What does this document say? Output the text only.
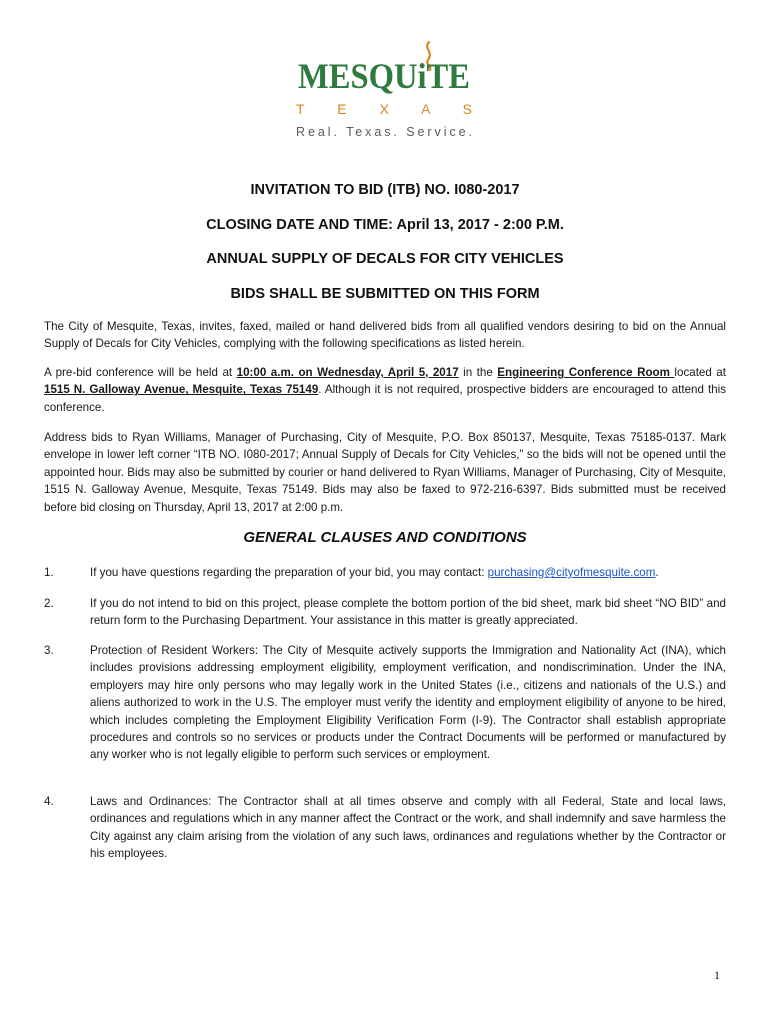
MESQUiTE
T E X A S
Real. Texas. Service.
INVITATION TO BID (ITB) NO. I080-2017
CLOSING DATE AND TIME: April 13, 2017 - 2:00 P.M.
ANNUAL SUPPLY OF DECALS FOR CITY VEHICLES
BIDS SHALL BE SUBMITTED ON THIS FORM
The City of Mesquite, Texas, invites, faxed, mailed or hand delivered bids from all qualified vendors desiring to bid on the Annual Supply of Decals for City Vehicles, complying with the following specifications as listed herein.
A pre-bid conference will be held at 10:00 a.m. on Wednesday, April 5, 2017 in the Engineering Conference Room located at 1515 N. Galloway Avenue, Mesquite, Texas 75149. Although it is not required, prospective bidders are encouraged to attend this conference.
Address bids to Ryan Williams, Manager of Purchasing, City of Mesquite, P.O. Box 850137, Mesquite, Texas 75185-0137. Mark envelope in lower left corner “ITB NO. I080-2017; Annual Supply of Decals for City Vehicles,” so the bids will not be opened until the appointed hour. Bids may also be submitted by courier or hand delivered to Ryan Williams, Manager of Purchasing, City of Mesquite, 1515 N. Galloway Avenue, Mesquite, Texas 75149. Bids may also be faxed to 972-216-6397. Bids submitted must be received before bid closing on Thursday, April 13, 2017 at 2:00 p.m.
GENERAL CLAUSES AND CONDITIONS
1.	If you have questions regarding the preparation of your bid, you may contact: purchasing@cityofmesquite.com.
2.	If you do not intend to bid on this project, please complete the bottom portion of the bid sheet, mark bid sheet “NO BID” and return form to the Purchasing Department. Your assistance in this matter is greatly appreciated.
3.	Protection of Resident Workers: The City of Mesquite actively supports the Immigration and Nationality Act (INA), which includes provisions addressing employment eligibility, employment verification, and nondiscrimination. Under the INA, employers may hire only persons who may legally work in the United States (i.e., citizens and nationals of the U.S.) and aliens authorized to work in the U.S. The employer must verify the identity and employment eligibility of anyone to be hired, which includes completing the Employment Eligibility Verification Form (I-9). The Contractor shall establish appropriate procedures and controls so no services or products under the Contract Documents will be performed or manufactured by any worker who is not legally eligible to perform such services or employment.
4.	Laws and Ordinances: The Contractor shall at all times observe and comply with all Federal, State and local laws, ordinances and regulations which in any manner affect the Contract or the work, and shall indemnify and save harmless the City against any claim arising from the violation of any such laws, ordinances and regulations whether by the Contractor or his employees.
1
